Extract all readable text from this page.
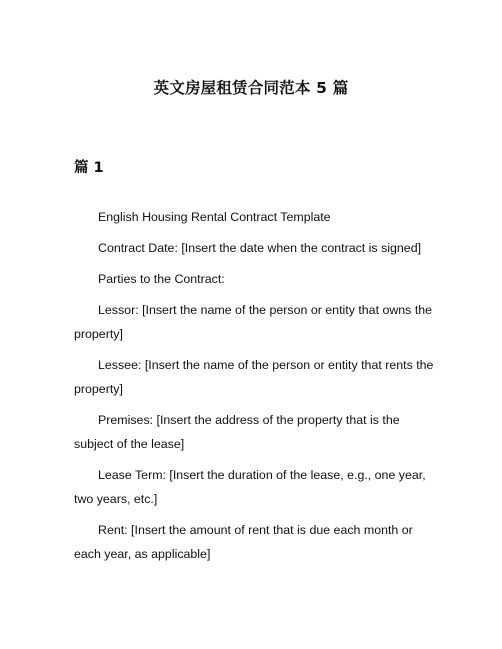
英文房屋租赁合同范本 5 篇
篇 1

English Housing Rental Contract Template

Contract Date: [Insert the date when the contract is signed]

Parties to the Contract:

Lessor: [Insert the name of the person or entity that owns the property]

Lessee: [Insert the name of the person or entity that rents the property]

Premises: [Insert the address of the property that is the subject of the lease]

Lease Term: [Insert the duration of the lease, e.g., one year, two years, etc.]

Rent: [Insert the amount of rent that is due each month or each year, as applicable]
